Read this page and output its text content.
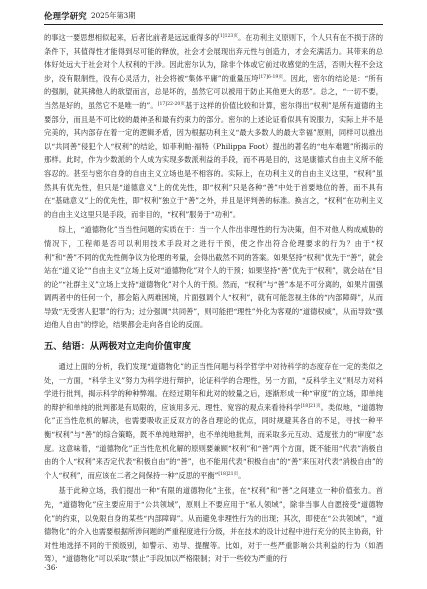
伦理学研究 2025年第3期

的事这一要思想相似起来，后者比前者是远远重得多的$^{[1]123页}$。在功利主义原则下，个人只有在不损于济的条件下，其值得性才能得到尽可能的释放，社会才会展现出弃元性与创造力，才会充满活力。其带来的总体好处远大于社会对个人权利的干涉。因此密尔认为，除非个体或它前过收感觉的生活，否则大程不会这步，没有限制性，没有心灵活力，社会将被“集体平庸”的重量压垮$^{[17]6-19页}$。因此，密尔的结论是：“所有的强制，就其拂他人的欲望而言，总是坏的，虽然它可以被用于防止其他更大的恶”。总之，“一切不要，当然是好的，虽然它不是唯一的”。$^{[17]22-20页}$基于这样的价值比较和计算，密尔得出“权利”是所有道德的主要部分，而且是不可比较的最神圣和最有约束力的部分。密尔的上述论证看似具有说服力，实际上并不是完美的，其内部存在着一定的逻辑矛盾，因为根据功利主义“最大多数人的最大幸福”原则，同样可以推出以“共同善”侵犯个人“权利”的结论，如菲利帕·福特（Philippa Foot）提出的著名的“电车难题”所揭示的那样。此时，作为少数派的个人成为实现多数派利益的手段，而不再是目的，这是康德式自由主义所不能容忍的。甚至与密尔自身的自由主义立场也是不相容的。实际上，在功利主义的自由主义这里，“权利”虽然具有优先性，但只是“道德意义”上的优先性，即“权利”只是各种“善”中处于首要地位的善，而不具有在“基础意义”上的优先性，即“权利”独立于“善”之外，并且是评判善的标准。换言之，“权利”在功利主义的自由主义这里只是手段，而非目的，“权利”服务于“功利”。

综上，“道德物化”当当性问题的实质在于：当一个人作出非理性的行为决策，但不对他人构成威胁的情况下，工程师是否可以利用技术手段对之进行干预，使之作出符合伦理要求的行为？由于“权利”和“善”不同的优先性侧争议为伦理的考量，会得出截然不同的答案。如果坚持“权利”优先于“善”，就会站在“道义论”“自由主义”立场上反对“道德物化”对个人的干预；如果坚持“善”优先于“权利”，就会站在“目的论”“社群主义”立场上支持“道德物化”对个人的干预。然而，“权利”与“善”本是不可分离的，如果片面强调两者中的任何一个，都会陷入两难困境，片面强调个人“权利”，就有可能忽视主体的“内部障碍”，从而导致“无受害人犯罪”的行为；过分强调“共同善”，则可能把“理性”外化为客观的“道德权威”，从而导致“强迫他人自由”的悖论，结果都会走向各自论的反面。

五、结语：从两极对立走向价值审度

通过上面的分析，我们发现“道德物化”的正当性问题与科学哲学中对待科学的态度存在一定的类似之处，一方面，“科学主义”努力为科学进行辩护，论证科学的合理性，另一方面，“反科学主义”则尽力对科学进行批判，揭示科学的种种弊端。在经过期年和此对的较量之后，逐渐形成一种“审度”的立场，即单纯的辩护和单纯的批判都是有局限的，应该用多元、理性、宽容的观点来看待科学$^{[18]21页}$。类似地，“道德物化”正当性危机的解决，也需要吸收正反双方的各自理论的优点，同时规避其各自的不足，寻找一种平衡“权利”与“善”的综合策略，既不单纯地辩护，也不单纯地批判，而采取多元互动、适度张力的“审度”态度。这意味着，“道德物化”正当性危机化解的原则要兼顾“权利”和“善”两个方面，既不能用“代表”消极自由的个人“权利”来否定代表“积极自由”的“善”，也不能用代表“积极自由”的“善”来压对代表“消极自由”的个人“权利”，而应该在二者之间保持一种“反思的平衡”$^{[18]21页}$。

基于此种立场，我们提出一种“有限的道德物化”主张，在“权利”和“善”之间建立一种价值张力。首先，“道德物化”应主要应用于“公共领域”，原则上不要应用于“私人领域”，除非当事人自愿接受“道德物化”的约束，以免限自身的某些“内部障碍”。从而避免非理性行为的出现；其次，即使在“公共领域”，“道德物化”的介入也需要根据所涉问题的严重程度进行分级，并在技术的设计过程中进行充分的民主协商，针对性地选择不同的干预级别，如警示、劝导、提醒等。比如，对于一些严重影响公共利益的行为（如酒驾），“道德物化”可以采取“禁止”手段加以严格限制；对于一些较为严重的行

·36·
